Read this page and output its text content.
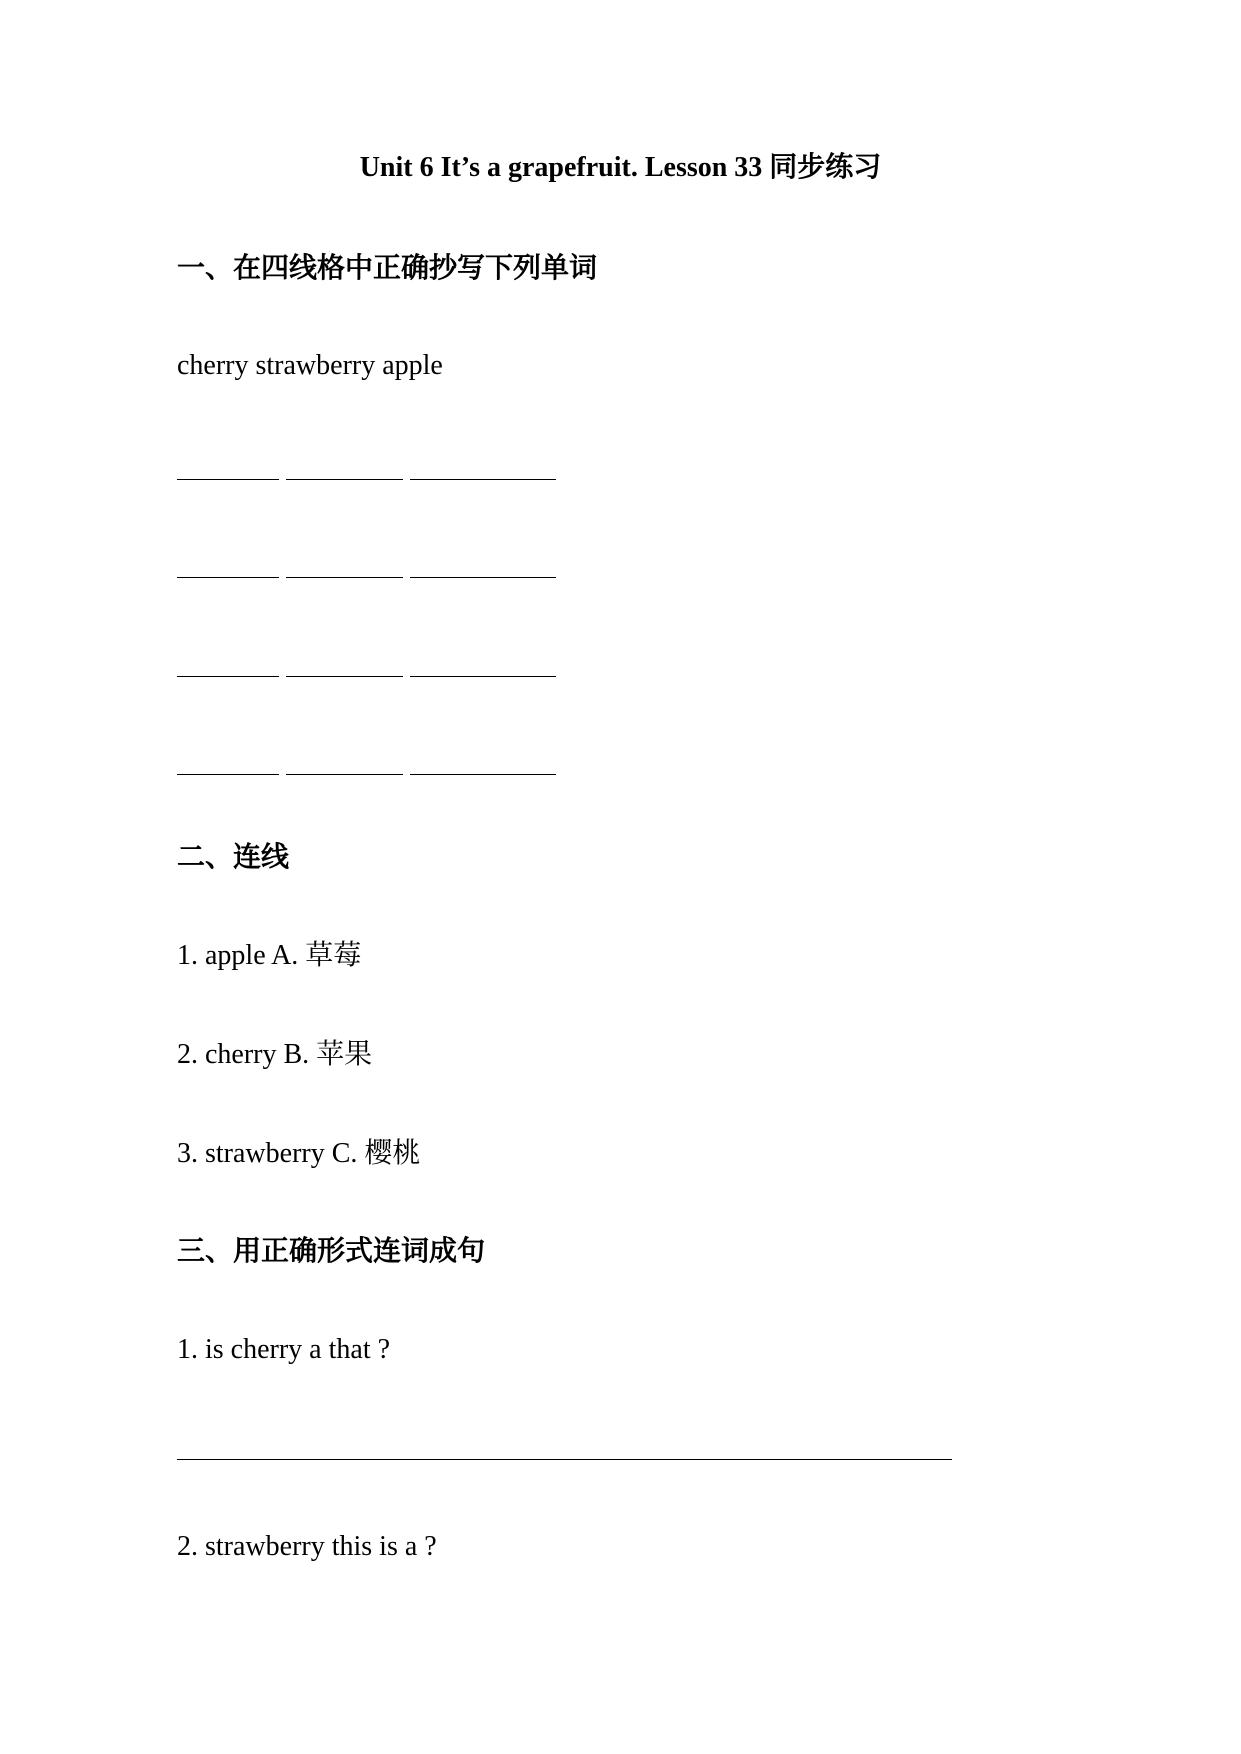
Unit 6 It’s a grapefruit. Lesson 33 同步练习
一、在四线格中正确抄写下列单词
cherry strawberry apple
二、连线
1. apple A. 草莓
2. cherry B. 苹果
3. strawberry C. 樱桃
三、用正确形式连词成句
1. is cherry a that ?
2. strawberry this is a ?
